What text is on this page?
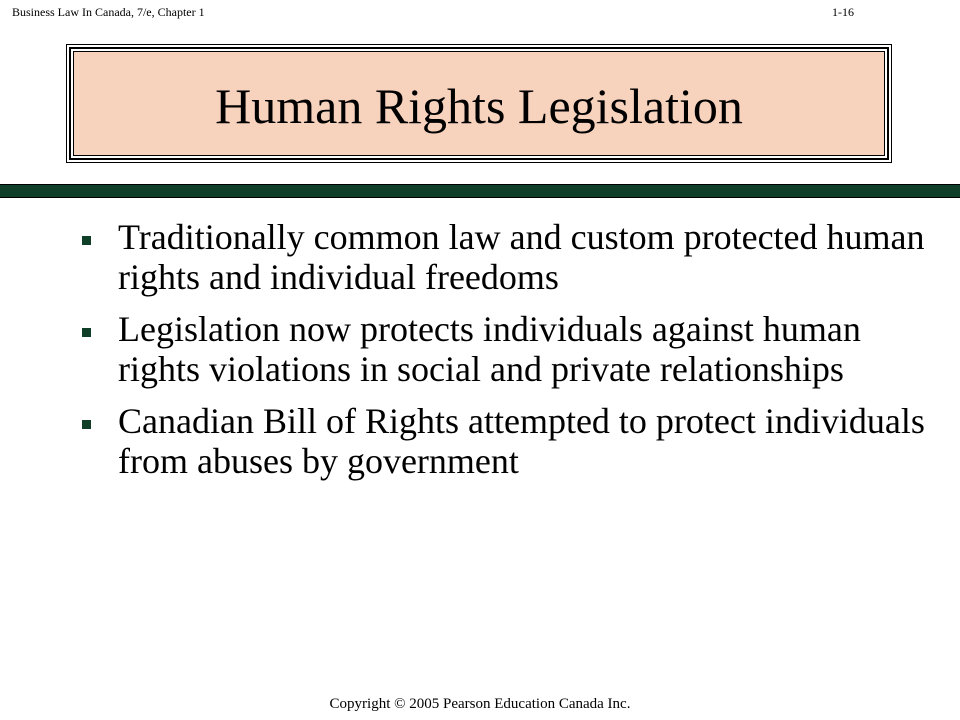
Business Law In Canada, 7/e, Chapter 1	1-16
Human Rights Legislation
Traditionally common law and custom protected human rights and individual freedoms
Legislation now protects individuals against human rights violations in social and private relationships
Canadian Bill of Rights attempted to protect individuals from abuses by government
Copyright © 2005 Pearson Education Canada Inc.
